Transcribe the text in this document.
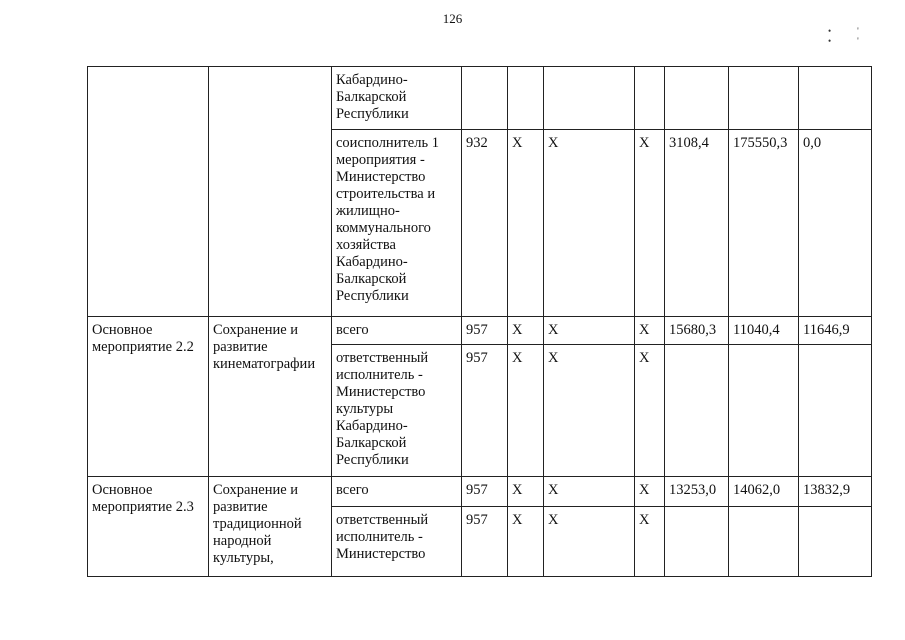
126
•' •'
		Кабардино-Балкарской Республики							
		соисполнитель 1 мероприятия - Министерство строительства и жилищно-коммунального хозяйства Кабардино-Балкарской Республики	932	Х	Х	Х	3108,4	175550,3	0,0
Основное мероприятие 2.2	Сохранение и развитие кинематографии	всего	957	Х	Х	Х	15680,3	11040,4	11646,9
		ответственный исполнитель - Министерство культуры Кабардино-Балкарской Республики	957	Х	Х	Х			
Основное мероприятие 2.3	Сохранение и развитие традиционной народной культуры,	всего	957	Х	Х	Х	13253,0	14062,0	13832,9
		ответственный исполнитель - Министерство	957	Х	Х	Х			
